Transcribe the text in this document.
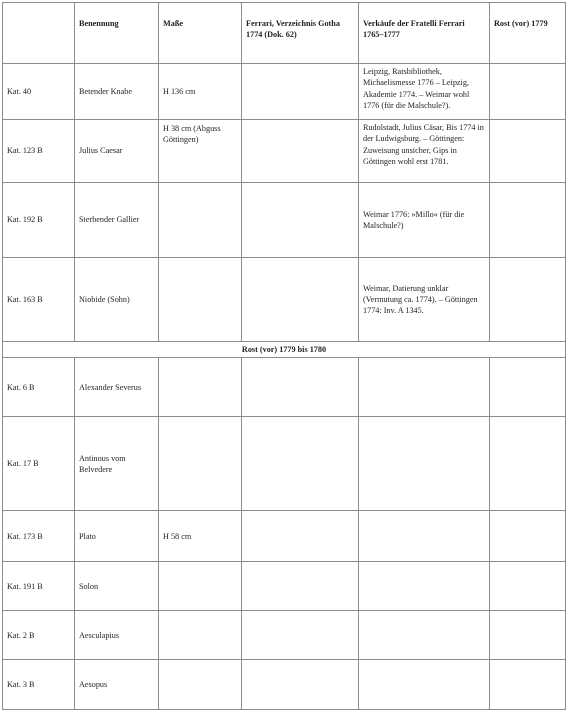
	Benennung	Maße	Ferrari, Verzeichnis Gotha 1774 (Dok. 62)	Verkäufe der Fratelli Ferrari 1765–1777	Rost (vor) 1779
Kat. 40	Betender Knabe	H 136 cm		Leipzig, Ratsbibliothek, Michaelismesse 1776 – Leipzig, Akademie 1774. – Weimar wohl 1776 (für die Malschule?).	
Kat. 123 B	Julius Caesar	H 38 cm (Abguss Göttingen)		Rudolstadt, Julius Cäsar, Bis 1774 in der Ludwigsburg. – Göttingen: Zuweisung unsicher, Gips in Göttingen wohl erst 1781.	
Kat. 192 B	Sterbender Gallier			Weimar 1776: »Millo« (für die Malschule?)	
Kat. 163 B	Niobide (Sohn)			Weimar, Datierung unklar (Vermutung ca. 1774). – Göttingen 1774: Inv. A 1345.	
Rost (vor) 1779 bis 1780					
Kat. 6 B	Alexander Severus				
Kat. 17 B	Antinous vom Belvedere				
Kat. 173 B	Plato	H 58 cm			
Kat. 191 B	Solon				
Kat. 2 B	Aesculapius				
Kat. 3 B	Aesopus				
